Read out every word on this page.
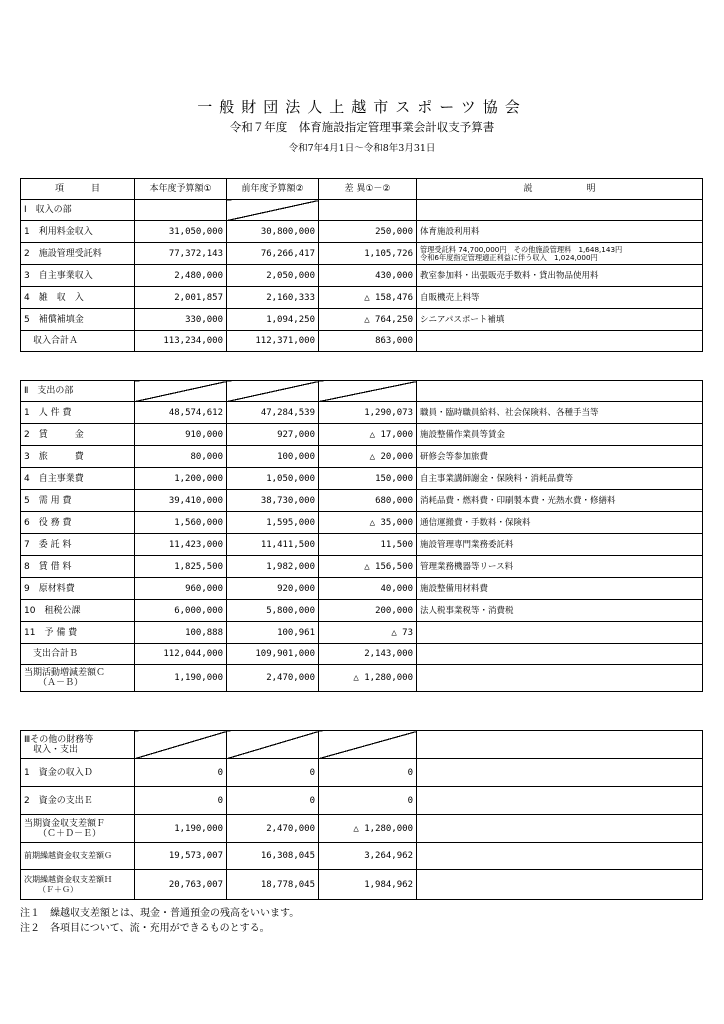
一般財団法人上越市スポーツ協会
令和７年度　体育施設指定管理事業会計収支予算書
令和7年4月1日～令和8年3月31日
項　　　目	本年度予算額①	前年度予算額②	差 異①－②	説　　　　　　明
Ⅰ　収入の部				
1　利用料金収入	31,050,000	30,800,000	250,000	体育施設利用料
2　施設管理受託料	77,372,143	76,266,417	1,105,726	管理受託料 74,700,000円　その他施設管理料　1,648,143円
令和6年度指定管理適正利益に伴う収入　1,024,000円

3　自主事業収入	2,480,000	2,050,000	430,000	教室参加料・出張販売手数料・貸出物品使用料
4　雑　収　入	2,001,857	2,160,333	△ 158,476	自販機売上料等
5　補償補填金	330,000	1,094,250	△ 764,250	シニアパスポート補填
収入合計Ａ	113,234,000	112,371,000	863,000	

Ⅱ　支出の部				
1　人 件 費	48,574,612	47,284,539	1,290,073	職員・臨時職員給料、社会保険料、各種手当等
2　賃　　　金	910,000	927,000	△ 17,000	施設整備作業員等賃金
3　旅　　　費	80,000	100,000	△ 20,000	研修会等参加旅費
4　自主事業費	1,200,000	1,050,000	150,000	自主事業講師謝金・保険料・消耗品費等
5　需 用 費	39,410,000	38,730,000	680,000	消耗品費・燃料費・印刷製本費・光熱水費・修繕料
6　役 務 費	1,560,000	1,595,000	△ 35,000	通信運搬費・手数料・保険料
7　委 託 料	11,423,000	11,411,500	11,500	施設管理専門業務委託料
8　賃 借 料	1,825,500	1,982,000	△ 156,500	管理業務機器等リース料
9　原材料費	960,000	920,000	40,000	施設整備用材料費
10　租税公課	6,000,000	5,800,000	200,000	法人税事業税等・消費税
11　予 備 費	100,888	100,961	△ 73	
支出合計Ｂ	112,044,000	109,901,000	2,143,000	

当期活動増減差額Ｃ
（Ａ－Ｂ）	1,190,000	2,470,000	△ 1,280,000	
Ⅲその他の財務等
　収入・支出				

1　資金の収入Ｄ	0	0	0	
2　資金の支出Ｅ	0	0	0	

当期資金収支差額Ｆ
（Ｃ＋Ｄ－Ｅ）	1,190,000	2,470,000	△ 1,280,000	
前期繰越資金収支差額Ｇ	19,573,007	16,308,045	3,264,962	

次期繰越資金収支差額Ｈ
（Ｆ＋Ｇ）	20,763,007	18,778,045	1,984,962	
注１　繰越収支差額とは、現金・普通預金の残高をいいます。
注２　各項目について、流・充用ができるものとする。
